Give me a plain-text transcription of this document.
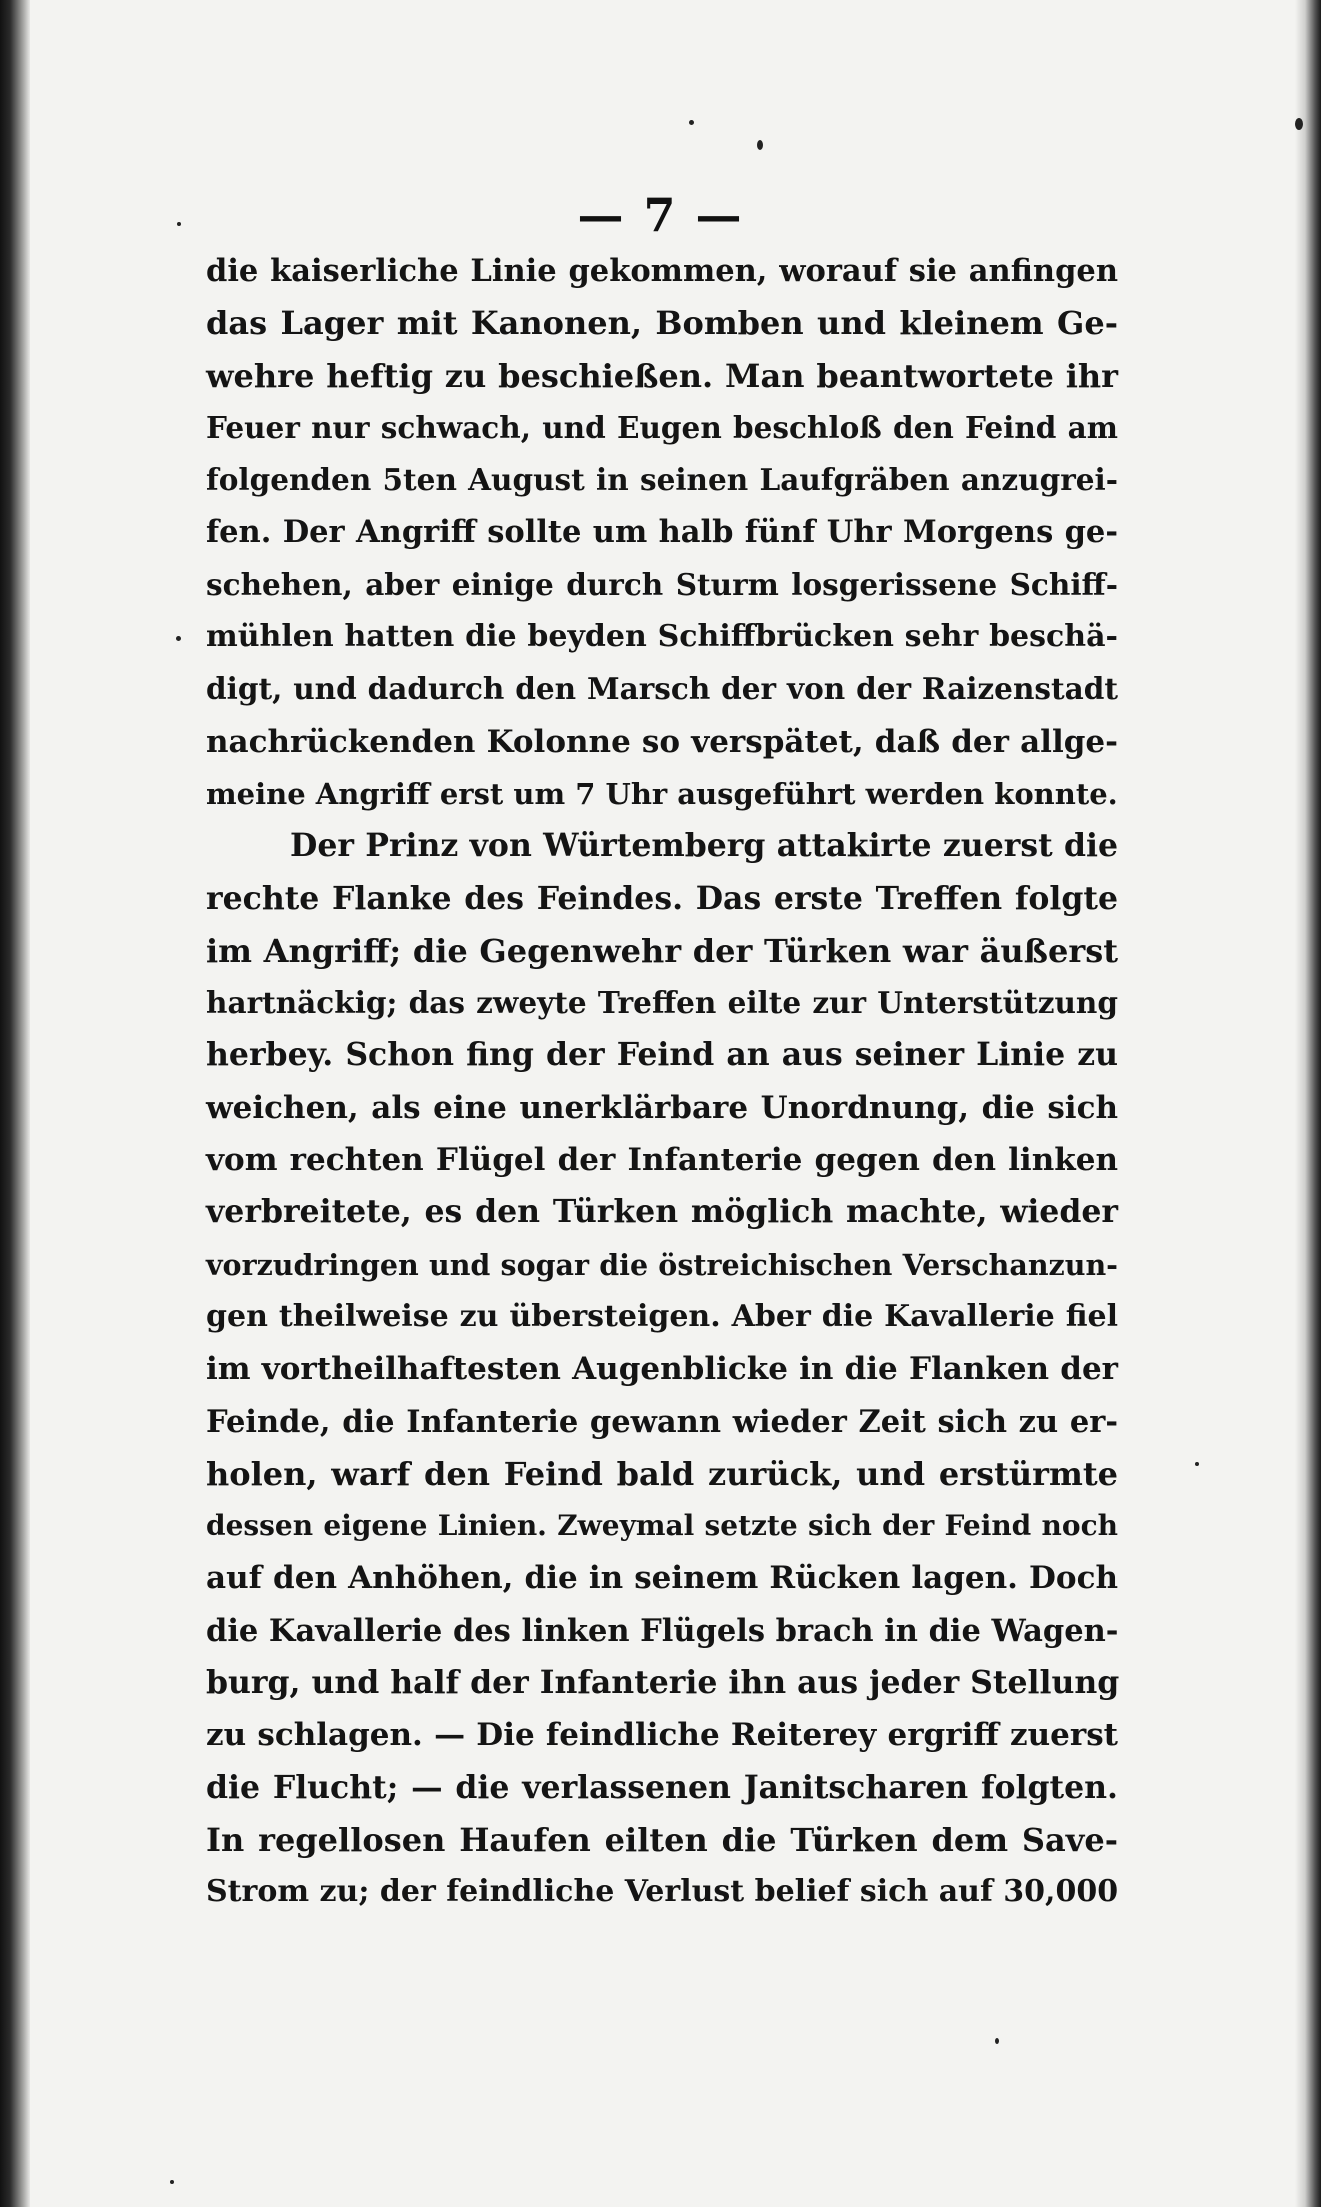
— 7 —
die kaiserliche Linie gekommen, worauf sie anfingen
das Lager mit Kanonen, Bomben und kleinem Ge-
wehre heftig zu beschießen. Man beantwortete ihr
Feuer nur schwach, und Eugen beschloß den Feind am
folgenden 5ten August in seinen Laufgräben anzugrei-
fen. Der Angriff sollte um halb fünf Uhr Morgens ge-
schehen, aber einige durch Sturm losgerissene Schiff-
mühlen hatten die beyden Schiffbrücken sehr beschä-
digt, und dadurch den Marsch der von der Raizenstadt
nachrückenden Kolonne so verspätet, daß der allge-
meine Angriff erst um 7 Uhr ausgeführt werden konnte.
Der Prinz von Würtemberg attakirte zuerst die
rechte Flanke des Feindes. Das erste Treffen folgte
im Angriff; die Gegenwehr der Türken war äußerst
hartnäckig; das zweyte Treffen eilte zur Unterstützung
herbey. Schon fing der Feind an aus seiner Linie zu
weichen, als eine unerklärbare Unordnung, die sich
vom rechten Flügel der Infanterie gegen den linken
verbreitete, es den Türken möglich machte, wieder
vorzudringen und sogar die östreichischen Verschanzun-
gen theilweise zu übersteigen. Aber die Kavallerie fiel
im vortheilhaftesten Augenblicke in die Flanken der
Feinde, die Infanterie gewann wieder Zeit sich zu er-
holen, warf den Feind bald zurück, und erstürmte
dessen eigene Linien. Zweymal setzte sich der Feind noch
auf den Anhöhen, die in seinem Rücken lagen. Doch
die Kavallerie des linken Flügels brach in die Wagen-
burg, und half der Infanterie ihn aus jeder Stellung
zu schlagen. — Die feindliche Reiterey ergriff zuerst
die Flucht; — die verlassenen Janitscharen folgten.
In regellosen Haufen eilten die Türken dem Save-
Strom zu; der feindliche Verlust belief sich auf 30,000
